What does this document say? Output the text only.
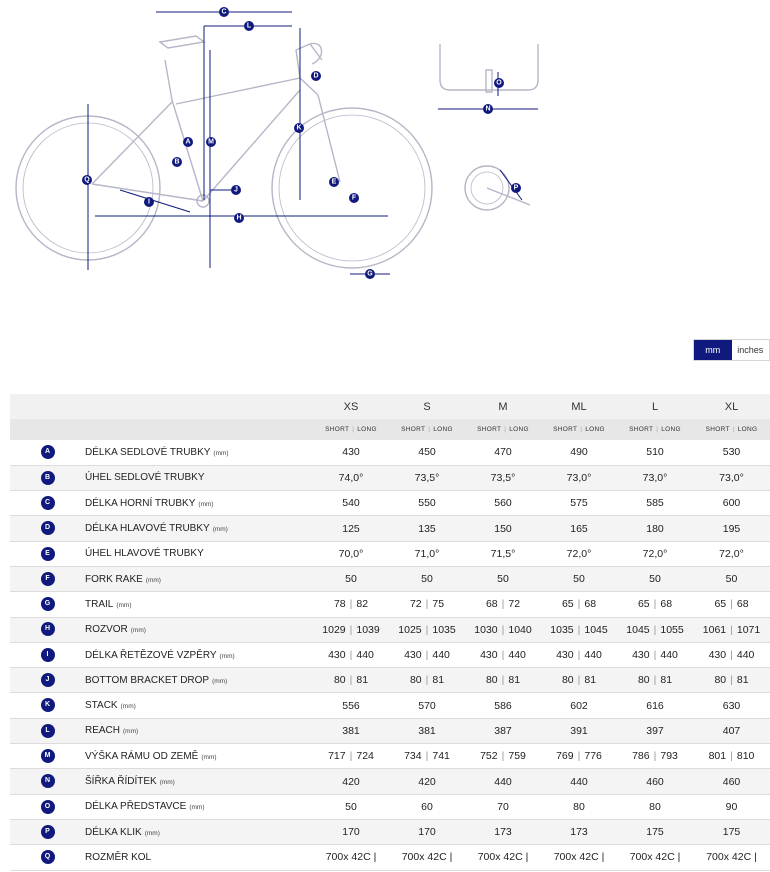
C
L
D
M
A
K
B
Q	E
J
F
I
H
G
O
N
P
mm	inches
		XS	S	M	ML	L	XL
		SHORT | LONG	SHORT | LONG	SHORT | LONG	SHORT | LONG	SHORT | LONG	SHORT | LONG
A	DÉLKA SEDLOVÉ TRUBKY (mm)	430	450	470	490	510	530
B	ÚHEL SEDLOVÉ TRUBKY	74,0°	73,5°	73,5°	73,0°	73,0°	73,0°
C	DÉLKA HORNÍ TRUBKY (mm)	540	550	560	575	585	600
D	DÉLKA HLAVOVÉ TRUBKY (mm)	125	135	150	165	180	195
E	ÚHEL HLAVOVÉ TRUBKY	70,0°	71,0°	71,5°	72,0°	72,0°	72,0°
F	FORK RAKE (mm)	50	50	50	50	50	50
G	TRAIL (mm)	78 | 82	72 | 75	68 | 72	65 | 68	65 | 68	65 | 68
H	ROZVOR (mm)	1029 | 1039	1025 | 1035	1030 | 1040	1035 | 1045	1045 | 1055	1061 | 1071
I	DÉLKA ŘETĚZOVÉ VZPĚRY (mm)	430 | 440	430 | 440	430 | 440	430 | 440	430 | 440	430 | 440
J	BOTTOM BRACKET DROP (mm)	80 | 81	80 | 81	80 | 81	80 | 81	80 | 81	80 | 81
K	STACK (mm)	556	570	586	602	616	630
L	REACH (mm)	381	381	387	391	397	407
M	VÝŠKA RÁMU OD ZEMĚ (mm)	717 | 724	734 | 741	752 | 759	769 | 776	786 | 793	801 | 810
N	ŠÍŘKA ŘÍDÍTEK (mm)	420	420	440	440	460	460
O	DÉLKA PŘEDSTAVCE (mm)	50	60	70	80	80	90
P	DÉLKA KLIK (mm)	170	170	173	173	175	175
Q	ROZMĚR KOL	700x 42C |	700x 42C |	700x 42C |	700x 42C |	700x 42C |	700x 42C |
